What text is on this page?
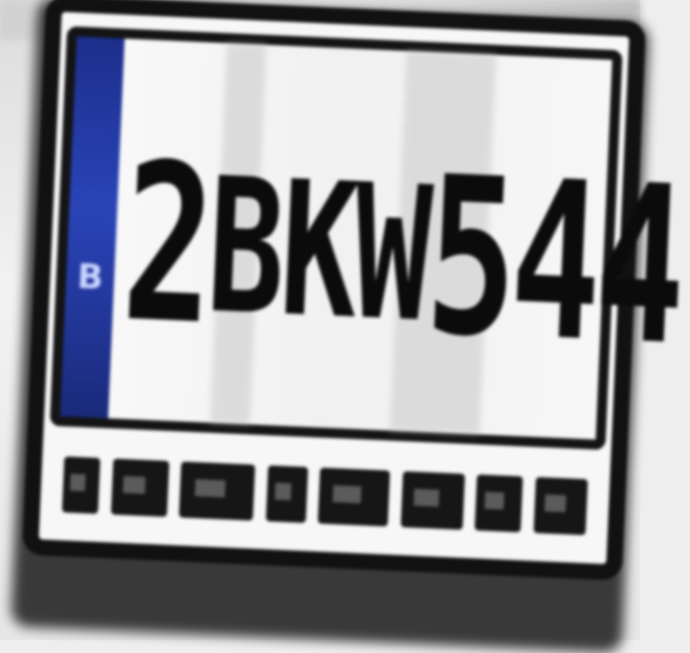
B 2
BKW
544
